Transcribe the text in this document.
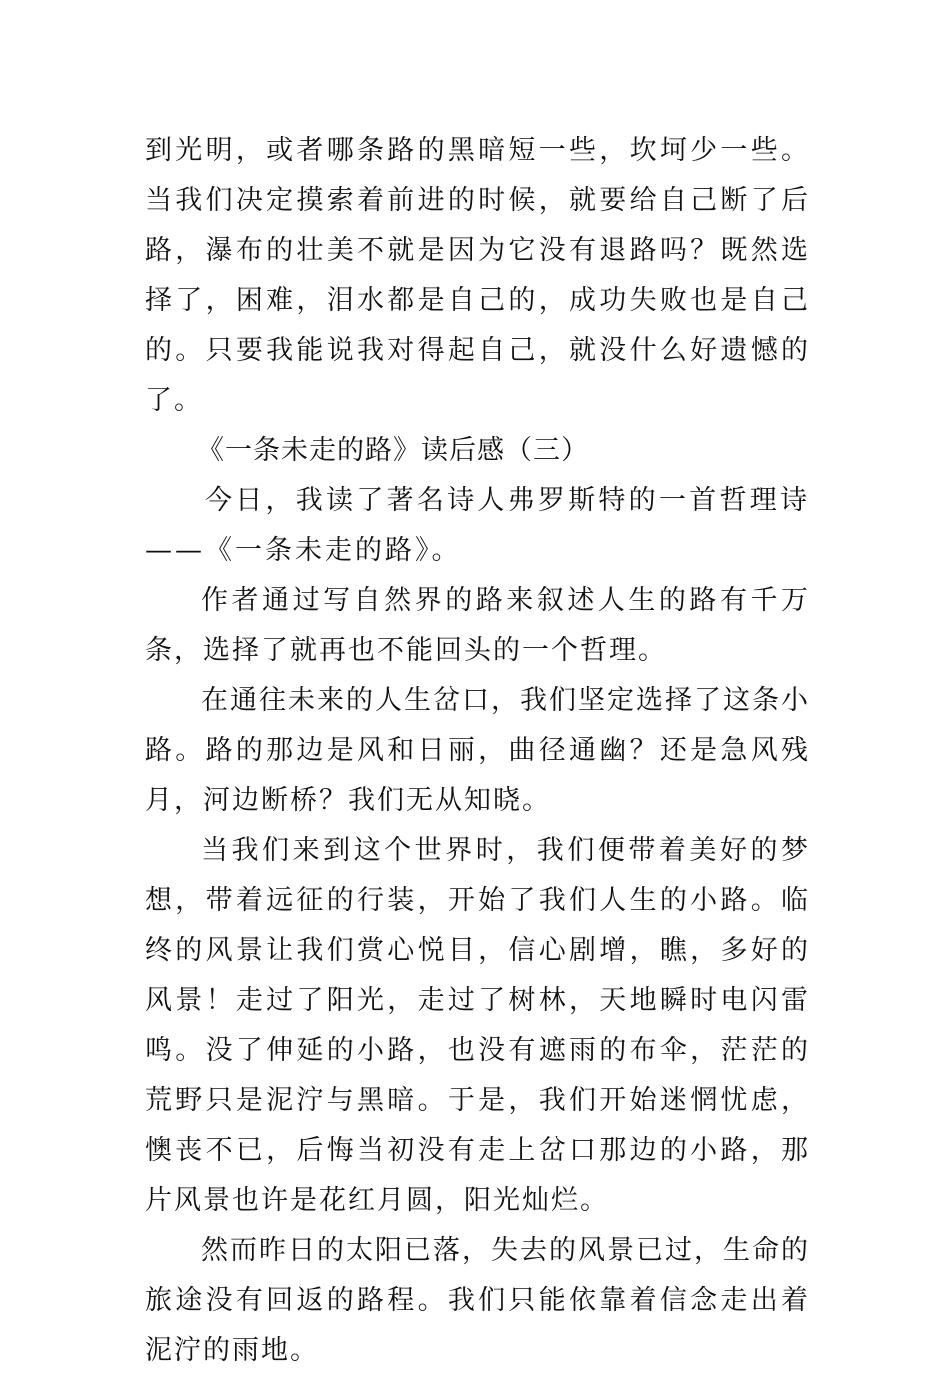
到光明，或者哪条路的黑暗短一些，坎坷少一些。当我们决定摸索着前进的时候，就要给自己断了后路，瀑布的壮美不就是因为它没有退路吗？既然选择了，困难，泪水都是自己的，成功失败也是自己的。只要我能说我对得起自己，就没什么好遗憾的了。

《一条未走的路》读后感（三）

今日，我读了著名诗人弗罗斯特的一首哲理诗——《一条未走的路》。

作者通过写自然界的路来叙述人生的路有千万条，选择了就再也不能回头的一个哲理。

在通往未来的人生岔口，我们坚定选择了这条小路。路的那边是风和日丽，曲径通幽？还是急风残月，河边断桥？我们无从知晓。

当我们来到这个世界时，我们便带着美好的梦想，带着远征的行装，开始了我们人生的小路。临终的风景让我们赏心悦目，信心剧增，瞧，多好的风景！走过了阳光，走过了树林，天地瞬时电闪雷鸣。没了伸延的小路，也没有遮雨的布伞，茫茫的荒野只是泥泞与黑暗。于是，我们开始迷惘忧虑，懊丧不已，后悔当初没有走上岔口那边的小路，那片风景也许是花红月圆，阳光灿烂。

然而昨日的太阳已落，失去的风景已过，生命的旅途没有回返的路程。我们只能依靠着信念走出着泥泞的雨地。
